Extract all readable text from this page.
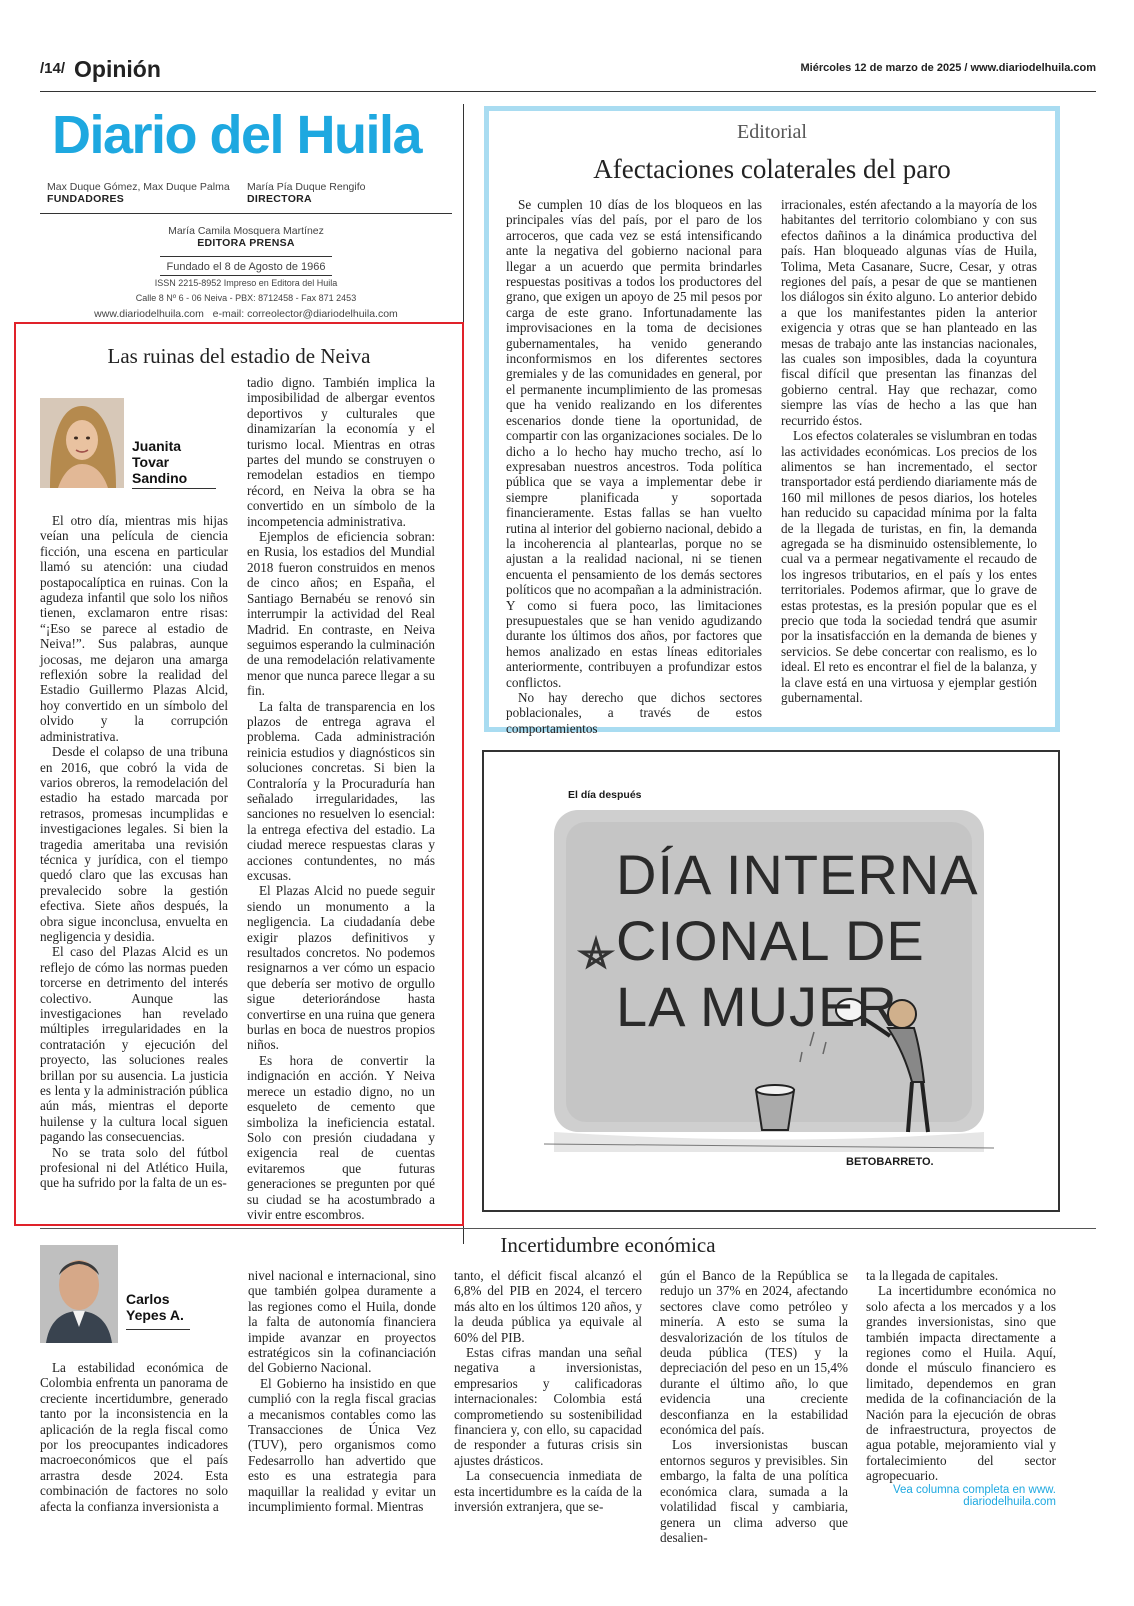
/14/ Opinión	Miércoles 12 de marzo de 2025 / www.diariodelhuila.com
Diario del Huila
Max Duque Gómez, Max Duque Palma
FUNDADORES
María Pía Duque Rengifo
DIRECTORA
María Camila Mosquera Martínez
EDITORA PRENSA
Fundado el 8 de Agosto de 1966
ISSN 2215-8952 Impreso en Editora del Huila
Calle 8 Nº 6 - 06 Neiva - PBX: 8712458 - Fax 871 2453
www.diariodelhuila.com e-mail: correolector@diariodelhuila.com
Las ruinas del estadio de Neiva
Juanita
Tovar
Sandino

El otro día, mientras mis hijas veían una película de ciencia ficción, una escena en particular llamó su atención: una ciudad postapocalíptica en ruinas. Con la agudeza infantil que solo los niños tienen, exclamaron entre risas: “¡Eso se parece al estadio de Neiva!”. Sus palabras, aunque jocosas, me dejaron una amarga reflexión sobre la realidad del Estadio Guillermo Plazas Alcid, hoy convertido en un símbolo del olvido y la corrupción administrativa.

Desde el colapso de una tribuna en 2016, que cobró la vida de varios obreros, la remodelación del estadio ha estado marcada por retrasos, promesas incumplidas e investigaciones legales. Si bien la tragedia ameritaba una revisión técnica y jurídica, con el tiempo quedó claro que las excusas han prevalecido sobre la gestión efectiva. Siete años después, la obra sigue inconclusa, envuelta en negligencia y desidia.

El caso del Plazas Alcid es un reflejo de cómo las normas pueden torcerse en detrimento del interés colectivo. Aunque las investigaciones han revelado múltiples irregularidades en la contratación y ejecución del proyecto, las soluciones reales brillan por su ausencia. La justicia es lenta y la administración pública aún más, mientras el deporte huilense y la cultura local siguen pagando las consecuencias.

No se trata solo del fútbol profesional ni del Atlético Huila, que ha sufrido por la falta de un es-

tadio digno. También implica la imposibilidad de albergar eventos deportivos y culturales que dinamizarían la economía y el turismo local. Mientras en otras partes del mundo se construyen o remodelan estadios en tiempo récord, en Neiva la obra se ha convertido en un símbolo de la incompetencia administrativa.

Ejemplos de eficiencia sobran: en Rusia, los estadios del Mundial 2018 fueron construidos en menos de cinco años; en España, el Santiago Bernabéu se renovó sin interrumpir la actividad del Real Madrid. En contraste, en Neiva seguimos esperando la culminación de una remodelación relativamente menor que nunca parece llegar a su fin.

La falta de transparencia en los plazos de entrega agrava el problema. Cada administración reinicia estudios y diagnósticos sin soluciones concretas. Si bien la Contraloría y la Procuraduría han señalado irregularidades, las sanciones no resuelven lo esencial: la entrega efectiva del estadio. La ciudad merece respuestas claras y acciones contundentes, no más excusas.

El Plazas Alcid no puede seguir siendo un monumento a la negligencia. La ciudadanía debe exigir plazos definitivos y resultados concretos. No podemos resignarnos a ver cómo un espacio que debería ser motivo de orgullo sigue deteriorándose hasta convertirse en una ruina que genera burlas en boca de nuestros propios niños.

Es hora de convertir la indignación en acción. Y Neiva merece un estadio digno, no un esqueleto de cemento que simboliza la ineficiencia estatal. Solo con presión ciudadana y exigencia real de cuentas evitaremos que futuras generaciones se pregunten por qué su ciudad se ha acostumbrado a vivir entre escombros.

Editorial
Afectaciones colaterales del paro

Se cumplen 10 días de los bloqueos en las principales vías del país, por el paro de los arroceros, que cada vez se está intensificando ante la negativa del gobierno nacional para llegar a un acuerdo que permita brindarles respuestas positivas a todos los productores del grano, que exigen un apoyo de 25 mil pesos por carga de este grano. Infortunadamente las improvisaciones en la toma de decisiones gubernamentales, ha venido generando inconformismos en los diferentes sectores gremiales y de las comunidades en general, por el permanente incumplimiento de las promesas que ha venido realizando en los diferentes escenarios donde tiene la oportunidad, de compartir con las organizaciones sociales. De lo dicho a lo hecho hay mucho trecho, así lo expresaban nuestros ancestros. Toda política pública que se vaya a implementar debe ir siempre planificada y soportada financieramente. Estas fallas se han vuelto rutina al interior del gobierno nacional, debido a la incoherencia al plantearlas, porque no se ajustan a la realidad nacional, ni se tienen encuenta el pensamiento de los demás sectores políticos que no acompañan a la administración. Y como si fuera poco, las limitaciones presupuestales que se han venido agudizando durante los últimos dos años, por factores que hemos analizado en estas líneas editoriales anteriormente, contribuyen a profundizar estos conflictos.

No hay derecho que dichos sectores poblacionales, a través de estos comportamientos

irracionales, estén afectando a la mayoría de los habitantes del territorio colombiano y con sus efectos dañinos a la dinámica productiva del país. Han bloqueado algunas vías de Huila, Tolima, Meta Casanare, Sucre, Cesar, y otras regiones del país, a pesar de que se mantienen los diálogos sin éxito alguno. Lo anterior debido a que los manifestantes piden la anterior exigencia y otras que se han planteado en las mesas de trabajo ante las instancias nacionales, las cuales son imposibles, dada la coyuntura fiscal difícil que presentan las finanzas del gobierno central. Hay que rechazar, como siempre las vías de hecho a las que han recurrido éstos.

Los efectos colaterales se vislumbran en todas las actividades económicas. Los precios de los alimentos se han incrementado, el sector transportador está perdiendo diariamente más de 160 mil millones de pesos diarios, los hoteles han reducido su capacidad mínima por la falta de la llegada de turistas, en fin, la demanda agregada se ha disminuido ostensiblemente, lo cual va a permear negativamente el recaudo de los ingresos tributarios, en el país y los entes territoriales. Podemos afirmar, que lo grave de estas protestas, es la presión popular que es el precio que toda la sociedad tendrá que asumir por la insatisfacción en la demanda de bienes y servicios. Se debe concertar con realismo, es lo ideal. El reto es encontrar el fiel de la balanza, y la clave está en una virtuosa y ejemplar gestión gubernamental.

El día después
DÍA INTERNA
CIONAL DE
LA MUJER
BETOBARRETO.
Incertidumbre económica
Carlos
Yepes A.

La estabilidad económica de Colombia enfrenta un panorama de creciente incertidumbre, generado tanto por la inconsistencia en la aplicación de la regla fiscal como por los preocupantes indicadores macroeconómicos que el país arrastra desde 2024. Esta combinación de factores no solo afecta la confianza inversionista a

nivel nacional e internacional, sino que también golpea duramente a las regiones como el Huila, donde la falta de autonomía financiera impide avanzar en proyectos estratégicos sin la cofinanciación del Gobierno Nacional.

El Gobierno ha insistido en que cumplió con la regla fiscal gracias a mecanismos contables como las Transacciones de Única Vez (TUV), pero organismos como Fedesarrollo han advertido que esto es una estrategia para maquillar la realidad y evitar un incumplimiento formal. Mientras

tanto, el déficit fiscal alcanzó el 6,8% del PIB en 2024, el tercero más alto en los últimos 120 años, y la deuda pública ya equivale al 60% del PIB.

Estas cifras mandan una señal negativa a inversionistas, empresarios y calificadoras internacionales: Colombia está comprometiendo su sostenibilidad financiera y, con ello, su capacidad de responder a futuras crisis sin ajustes drásticos.

La consecuencia inmediata de esta incertidumbre es la caída de la inversión extranjera, que se-

gún el Banco de la República se redujo un 37% en 2024, afectando sectores clave como petróleo y minería. A esto se suma la desvalorización de los títulos de deuda pública (TES) y la depreciación del peso en un 15,4% durante el último año, lo que evidencia una creciente desconfianza en la estabilidad económica del país.

Los inversionistas buscan entornos seguros y previsibles. Sin embargo, la falta de una política económica clara, sumada a la volatilidad fiscal y cambiaria, genera un clima adverso que desalien-

ta la llegada de capitales.

La incertidumbre económica no solo afecta a los mercados y a los grandes inversionistas, sino que también impacta directamente a regiones como el Huila. Aquí, donde el músculo financiero es limitado, dependemos en gran medida de la cofinanciación de la Nación para la ejecución de obras de infraestructura, proyectos de agua potable, mejoramiento vial y fortalecimiento del sector agropecuario.

Vea columna completa en www.
diariodelhuila.com
